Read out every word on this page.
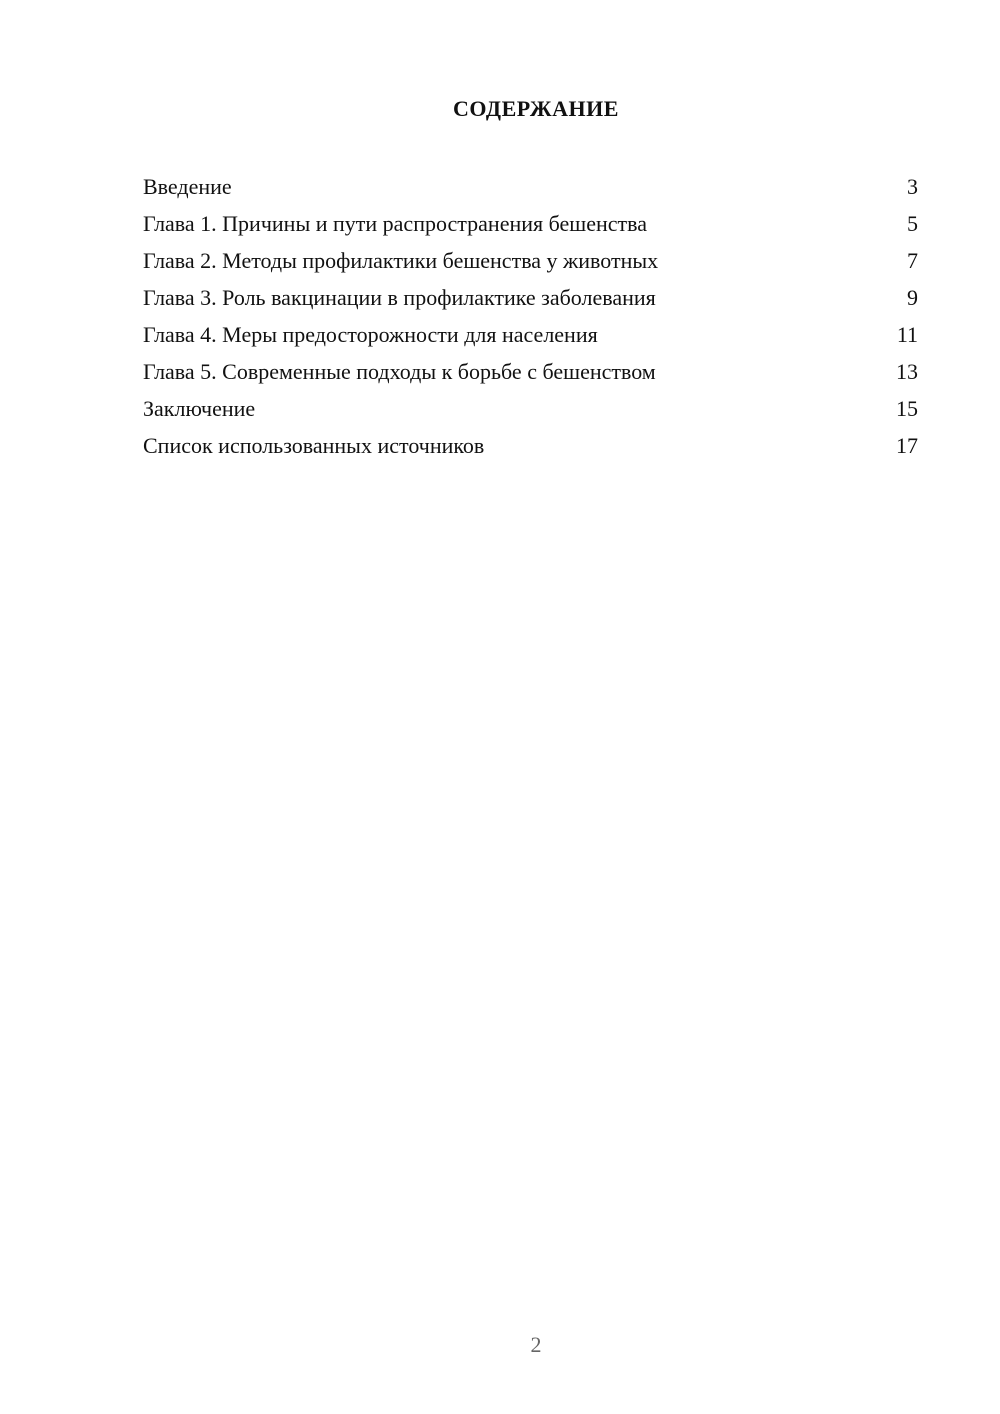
СОДЕРЖАНИЕ
Введение	3
Глава 1. Причины и пути распространения бешенства	5
Глава 2. Методы профилактики бешенства у животных	7
Глава 3. Роль вакцинации в профилактике заболевания	9
Глава 4. Меры предосторожности для населения	11
Глава 5. Современные подходы к борьбе с бешенством	13
Заключение	15
Список использованных источников	17
2
